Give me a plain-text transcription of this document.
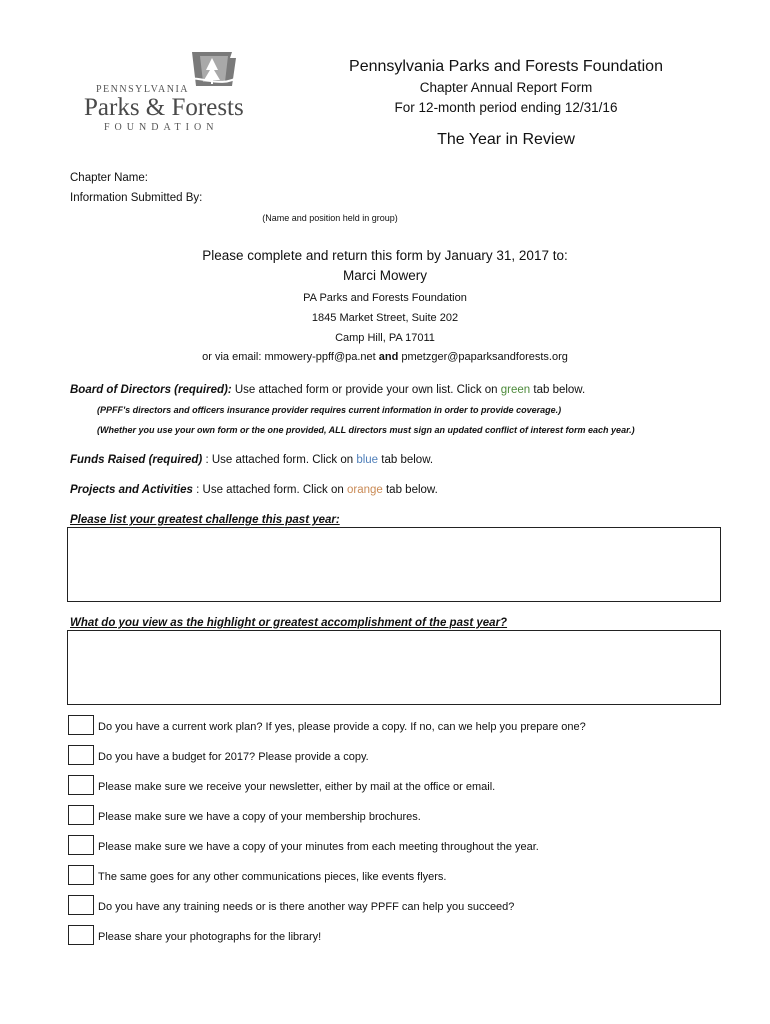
PENNSYLVANIA
Parks & Forests
FOUNDATION
Pennsylvania Parks and Forests Foundation
Chapter Annual Report Form
For 12-month period ending 12/31/16
The Year in Review
Chapter Name:
Information Submitted By:
(Name and position held in group)
Please complete and return this form by January 31, 2017 to:
Marci Mowery
PA Parks and Forests Foundation
1845 Market Street, Suite 202
Camp Hill, PA 17011
or via email: mmowery-ppff@pa.net and pmetzger@paparksandforests.org
Board of Directors (required): Use attached form or provide your own list. Click on green tab below.
(PPFF's directors and officers insurance provider requires current information in order to provide coverage.)
(Whether you use your own form or the one provided, ALL directors must sign an updated conflict of interest form each year.)
Funds Raised (required) : Use attached form. Click on blue tab below.
Projects and Activities : Use attached form. Click on orange tab below.
Please list your greatest challenge this past year:
What do you view as the highlight or greatest accomplishment of the past year?
Do you have a current work plan? If yes, please provide a copy. If no, can we help you prepare one?
Do you have a budget for 2017? Please provide a copy.
Please make sure we receive your newsletter, either by mail at the office or email.
Please make sure we have a copy of your membership brochures.
Please make sure we have a copy of your minutes from each meeting throughout the year.
The same goes for any other communications pieces, like events flyers.
Do you have any training needs or is there another way PPFF can help you succeed?
Please share your photographs for the library!
